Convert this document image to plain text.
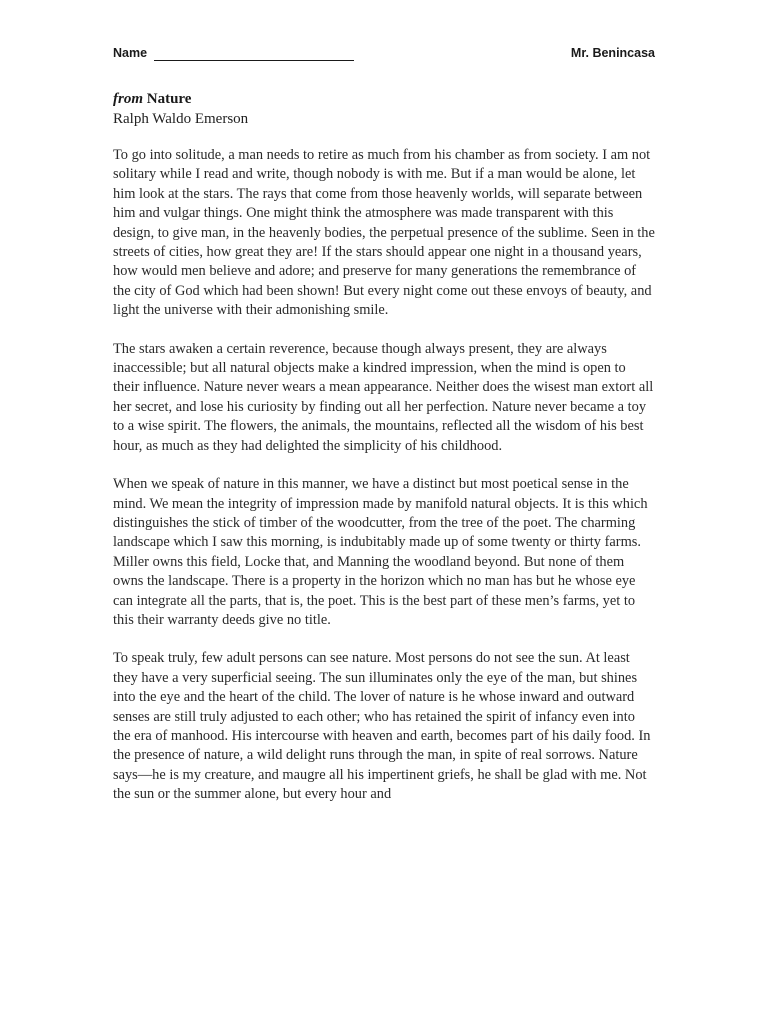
Name	Mr. Benincasa
from Nature
Ralph Waldo Emerson

To go into solitude, a man needs to retire as much from his chamber as from society. I am not solitary while I read and write, though nobody is with me. But if a man would be alone, let him look at the stars. The rays that come from those heavenly worlds, will separate between him and vulgar things. One might think the atmosphere was made transparent with this design, to give man, in the heavenly bodies, the perpetual presence of the sublime. Seen in the streets of cities, how great they are! If the stars should appear one night in a thousand years, how would men believe and adore; and preserve for many generations the remembrance of the city of God which had been shown! But every night come out these envoys of beauty, and light the universe with their admonishing smile.

The stars awaken a certain reverence, because though always present, they are always inaccessible; but all natural objects make a kindred impression, when the mind is open to their influence. Nature never wears a mean appearance. Neither does the wisest man extort all her secret, and lose his curiosity by finding out all her perfection. Nature never became a toy to a wise spirit. The flowers, the animals, the mountains, reflected all the wisdom of his best hour, as much as they had delighted the simplicity of his childhood.

When we speak of nature in this manner, we have a distinct but most poetical sense in the mind. We mean the integrity of impression made by manifold natural objects. It is this which distinguishes the stick of timber of the woodcutter, from the tree of the poet. The charming landscape which I saw this morning, is indubitably made up of some twenty or thirty farms. Miller owns this field, Locke that, and Manning the woodland beyond. But none of them owns the landscape. There is a property in the horizon which no man has but he whose eye can integrate all the parts, that is, the poet. This is the best part of these men’s farms, yet to this their warranty deeds give no title.

To speak truly, few adult persons can see nature. Most persons do not see the sun. At least they have a very superficial seeing. The sun illuminates only the eye of the man, but shines into the eye and the heart of the child. The lover of nature is he whose inward and outward senses are still truly adjusted to each other; who has retained the spirit of infancy even into the era of manhood. His intercourse with heaven and earth, becomes part of his daily food. In the presence of nature, a wild delight runs through the man, in spite of real sorrows. Nature says—he is my creature, and maugre all his impertinent griefs, he shall be glad with me. Not the sun or the summer alone, but every hour and
